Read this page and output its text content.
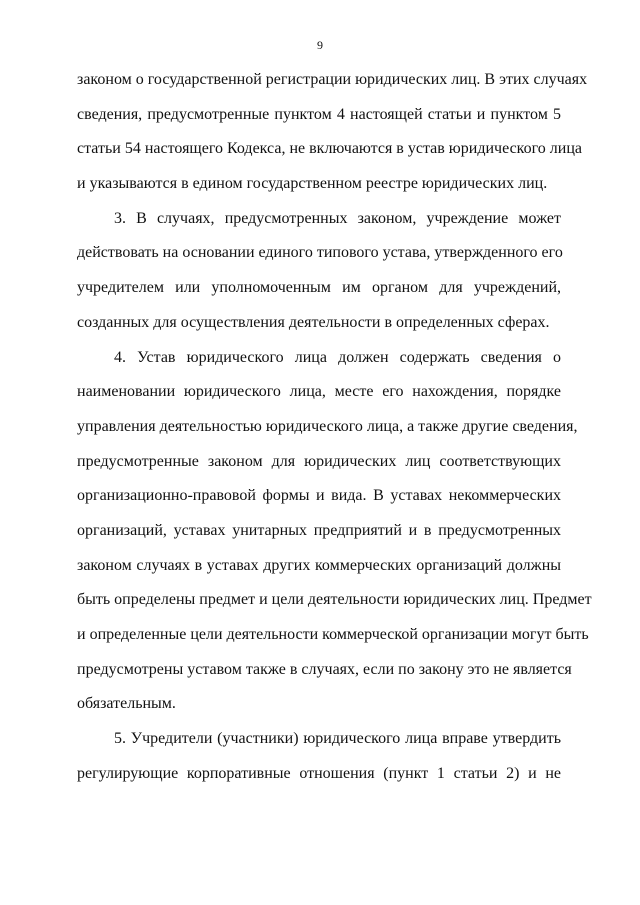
9
законом о государственной регистрации юридических лиц. В этих случаях
сведения, предусмотренные пунктом 4 настоящей статьи и пунктом 5
статьи 54 настоящего Кодекса, не включаются в устав юридического лица
и указываются в едином государственном реестре юридических лиц.
3. В случаях, предусмотренных законом, учреждение может
действовать на основании единого типового устава, утвержденного его
учредителем или уполномоченным им органом для учреждений,
созданных для осуществления деятельности в определенных сферах.
4. Устав юридического лица должен содержать сведения о
наименовании юридического лица, месте его нахождения, порядке
управления деятельностью юридического лица, а также другие сведения,
предусмотренные законом для юридических лиц соответствующих
организационно-правовой формы и вида. В уставах некоммерческих
организаций, уставах унитарных предприятий и в предусмотренных
законом случаях в уставах других коммерческих организаций должны
быть определены предмет и цели деятельности юридических лиц. Предмет
и определенные цели деятельности коммерческой организации могут быть
предусмотрены уставом также в случаях, если по закону это не является
обязательным.
5. Учредители (участники) юридического лица вправе утвердить
регулирующие корпоративные отношения (пункт 1 статьи 2) и не
